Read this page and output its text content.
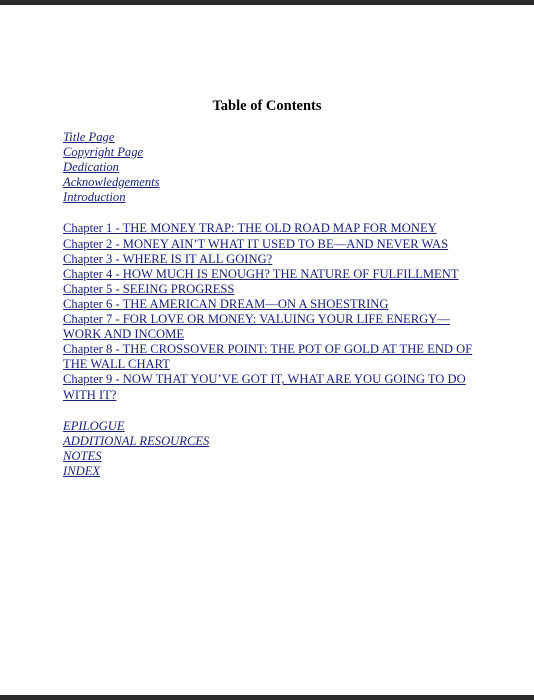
Table of Contents
Title Page
Copyright Page
Dedication
Acknowledgements
Introduction
Chapter 1 - THE MONEY TRAP: THE OLD ROAD MAP FOR MONEY
Chapter 2 - MONEY AIN’T WHAT IT USED TO BE—AND NEVER WAS
Chapter 3 - WHERE IS IT ALL GOING?
Chapter 4 - HOW MUCH IS ENOUGH? THE NATURE OF FULFILLMENT
Chapter 5 - SEEING PROGRESS
Chapter 6 - THE AMERICAN DREAM—ON A SHOESTRING
Chapter 7 - FOR LOVE OR MONEY: VALUING YOUR LIFE ENERGY—WORK AND INCOME
Chapter 8 - THE CROSSOVER POINT: THE POT OF GOLD AT THE END OF THE WALL CHART
Chapter 9 - NOW THAT YOU’VE GOT IT, WHAT ARE YOU GOING TO DO WITH IT?
EPILOGUE
ADDITIONAL RESOURCES
NOTES
INDEX
